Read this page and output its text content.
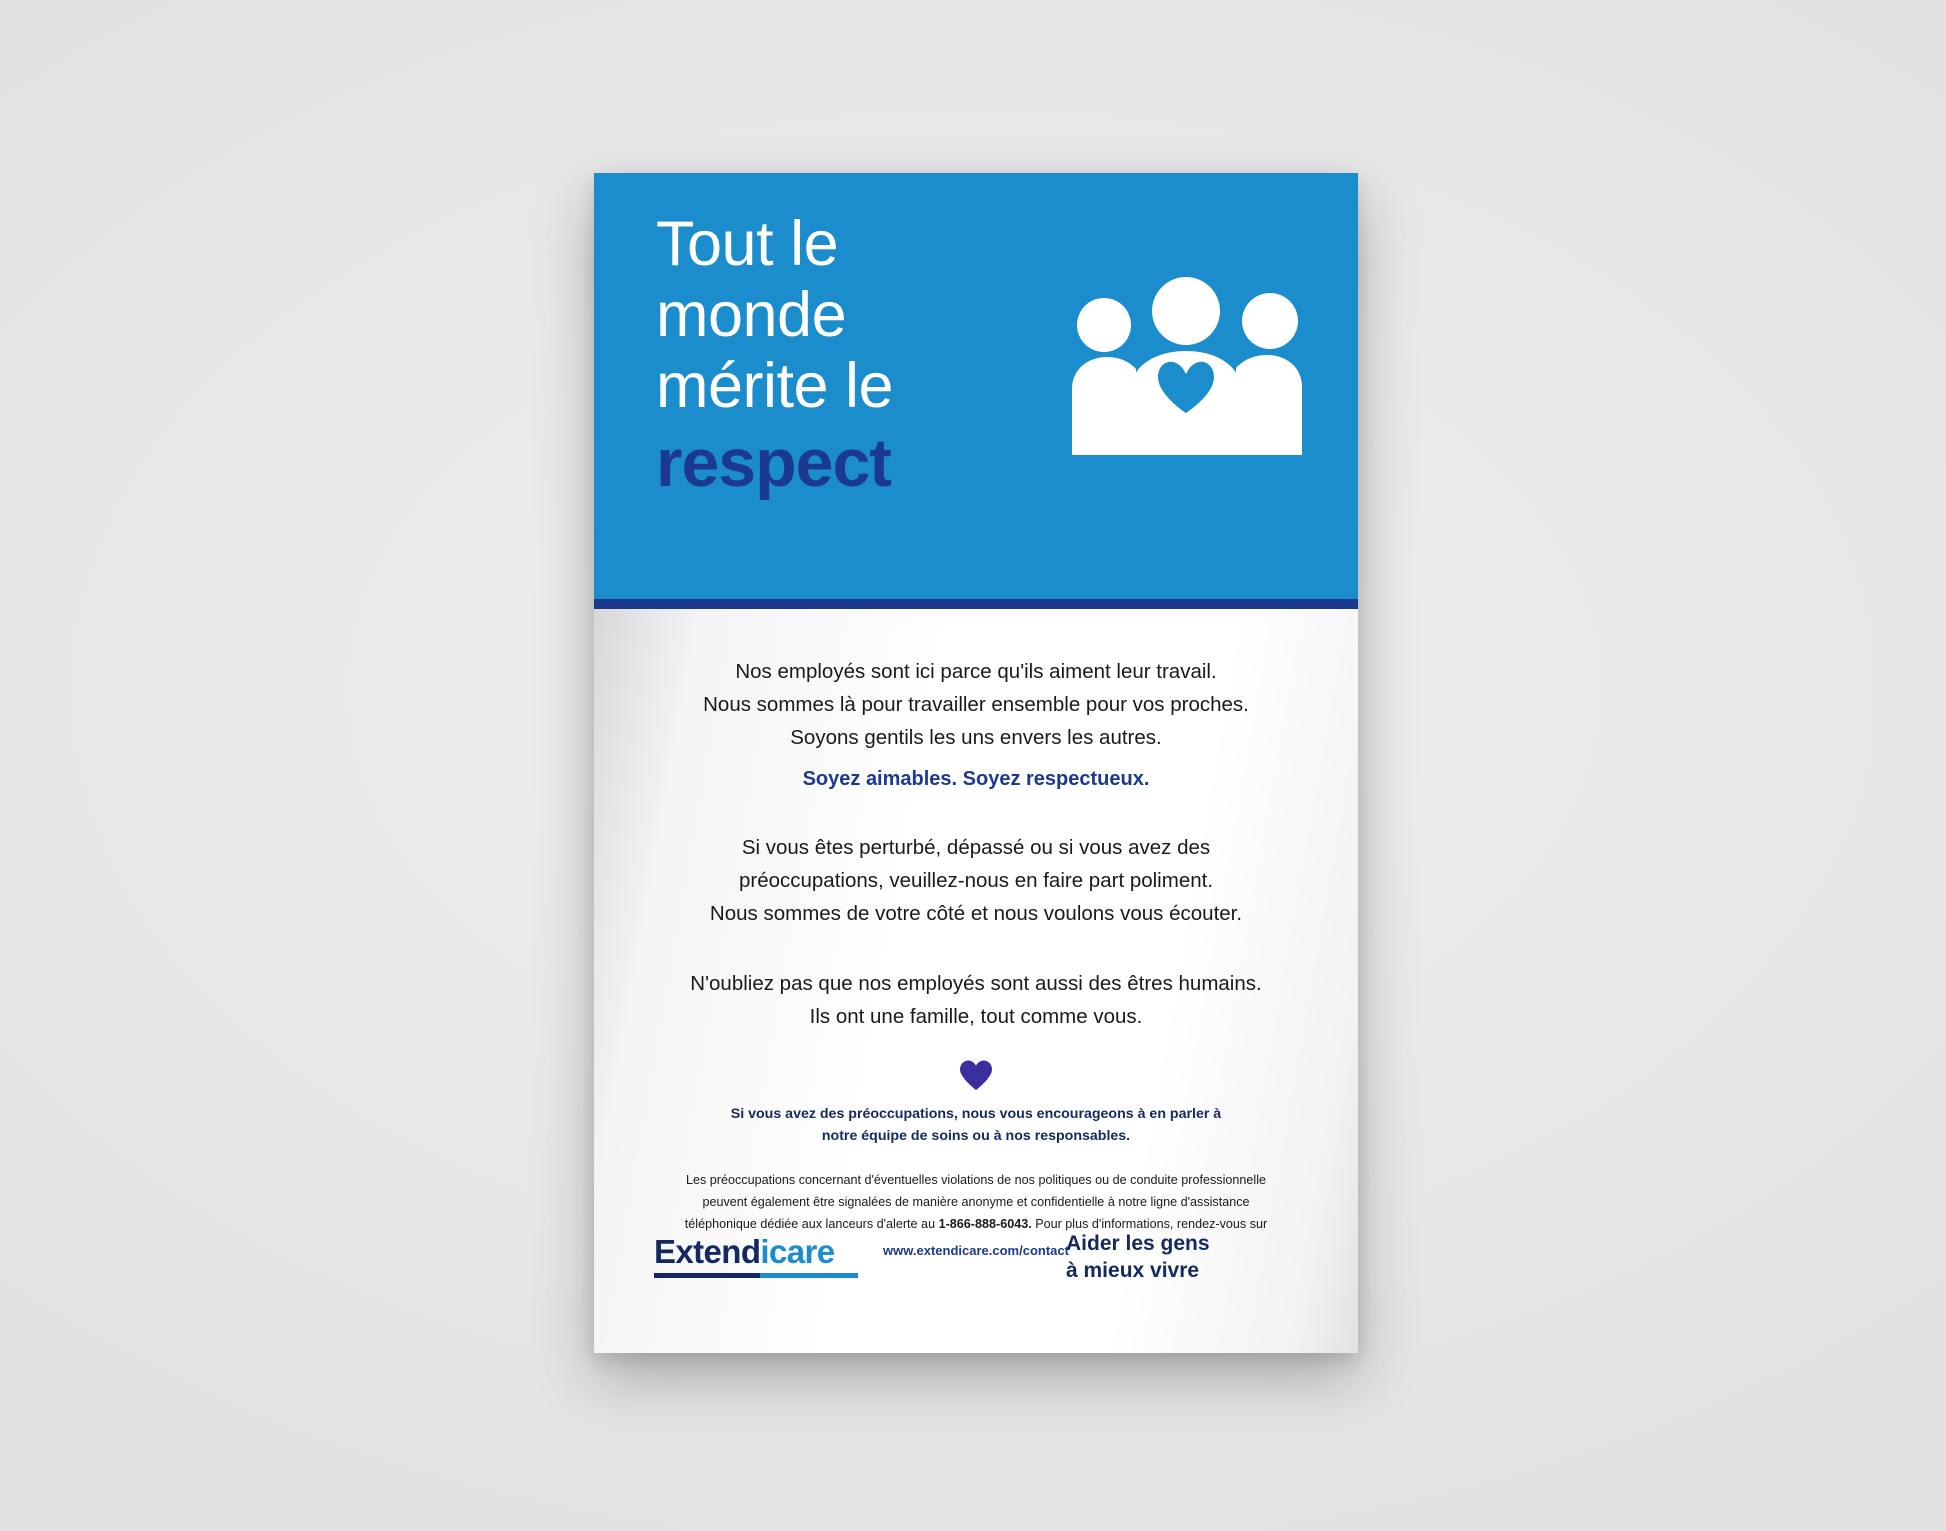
Tout le
monde
mérite le
respect
Nos employés sont ici parce qu'ils aiment leur travail.
Nous sommes là pour travailler ensemble pour vos proches.
Soyons gentils les uns envers les autres.
Soyez aimables. Soyez respectueux.
Si vous êtes perturbé, dépassé ou si vous avez des
préoccupations, veuillez-nous en faire part poliment.
Nous sommes de votre côté et nous voulons vous écouter.
N'oubliez pas que nos employés sont aussi des êtres humains.
Ils ont une famille, tout comme vous.
Si vous avez des préoccupations, nous vous encourageons à en parler à notre équipe de soins ou à nos responsables.
Les préoccupations concernant d'éventuelles violations de nos politiques ou de conduite professionnelle peuvent également être signalées de manière anonyme et confidentielle à notre ligne d'assistance téléphonique dédiée aux lanceurs d'alerte au 1-866-888-6043. Pour plus d'informations, rendez-vous sur
www.extendicare.com/contact
Extendicare	Aider les gens
à mieux vivre
